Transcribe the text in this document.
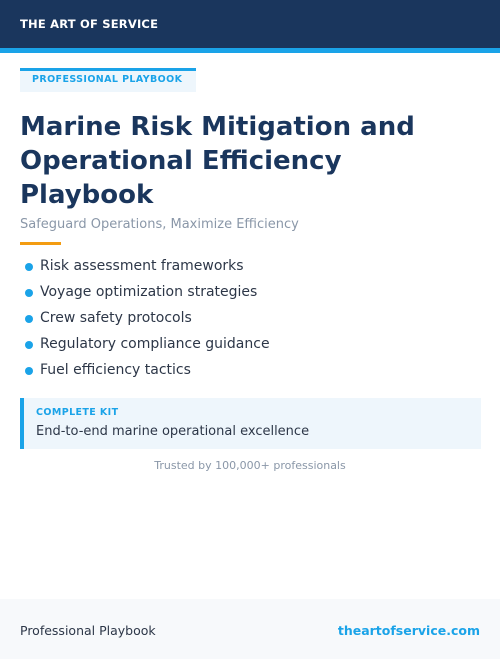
THE ART OF SERVICE
PROFESSIONAL PLAYBOOK
Marine Risk Mitigation and Operational Efficiency Playbook
Safeguard Operations, Maximize Efficiency
Risk assessment frameworks
Voyage optimization strategies
Crew safety protocols
Regulatory compliance guidance
Fuel efficiency tactics
COMPLETE KIT
End-to-end marine operational excellence
Trusted by 100,000+ professionals
Professional Playbook	theartofservice.com
